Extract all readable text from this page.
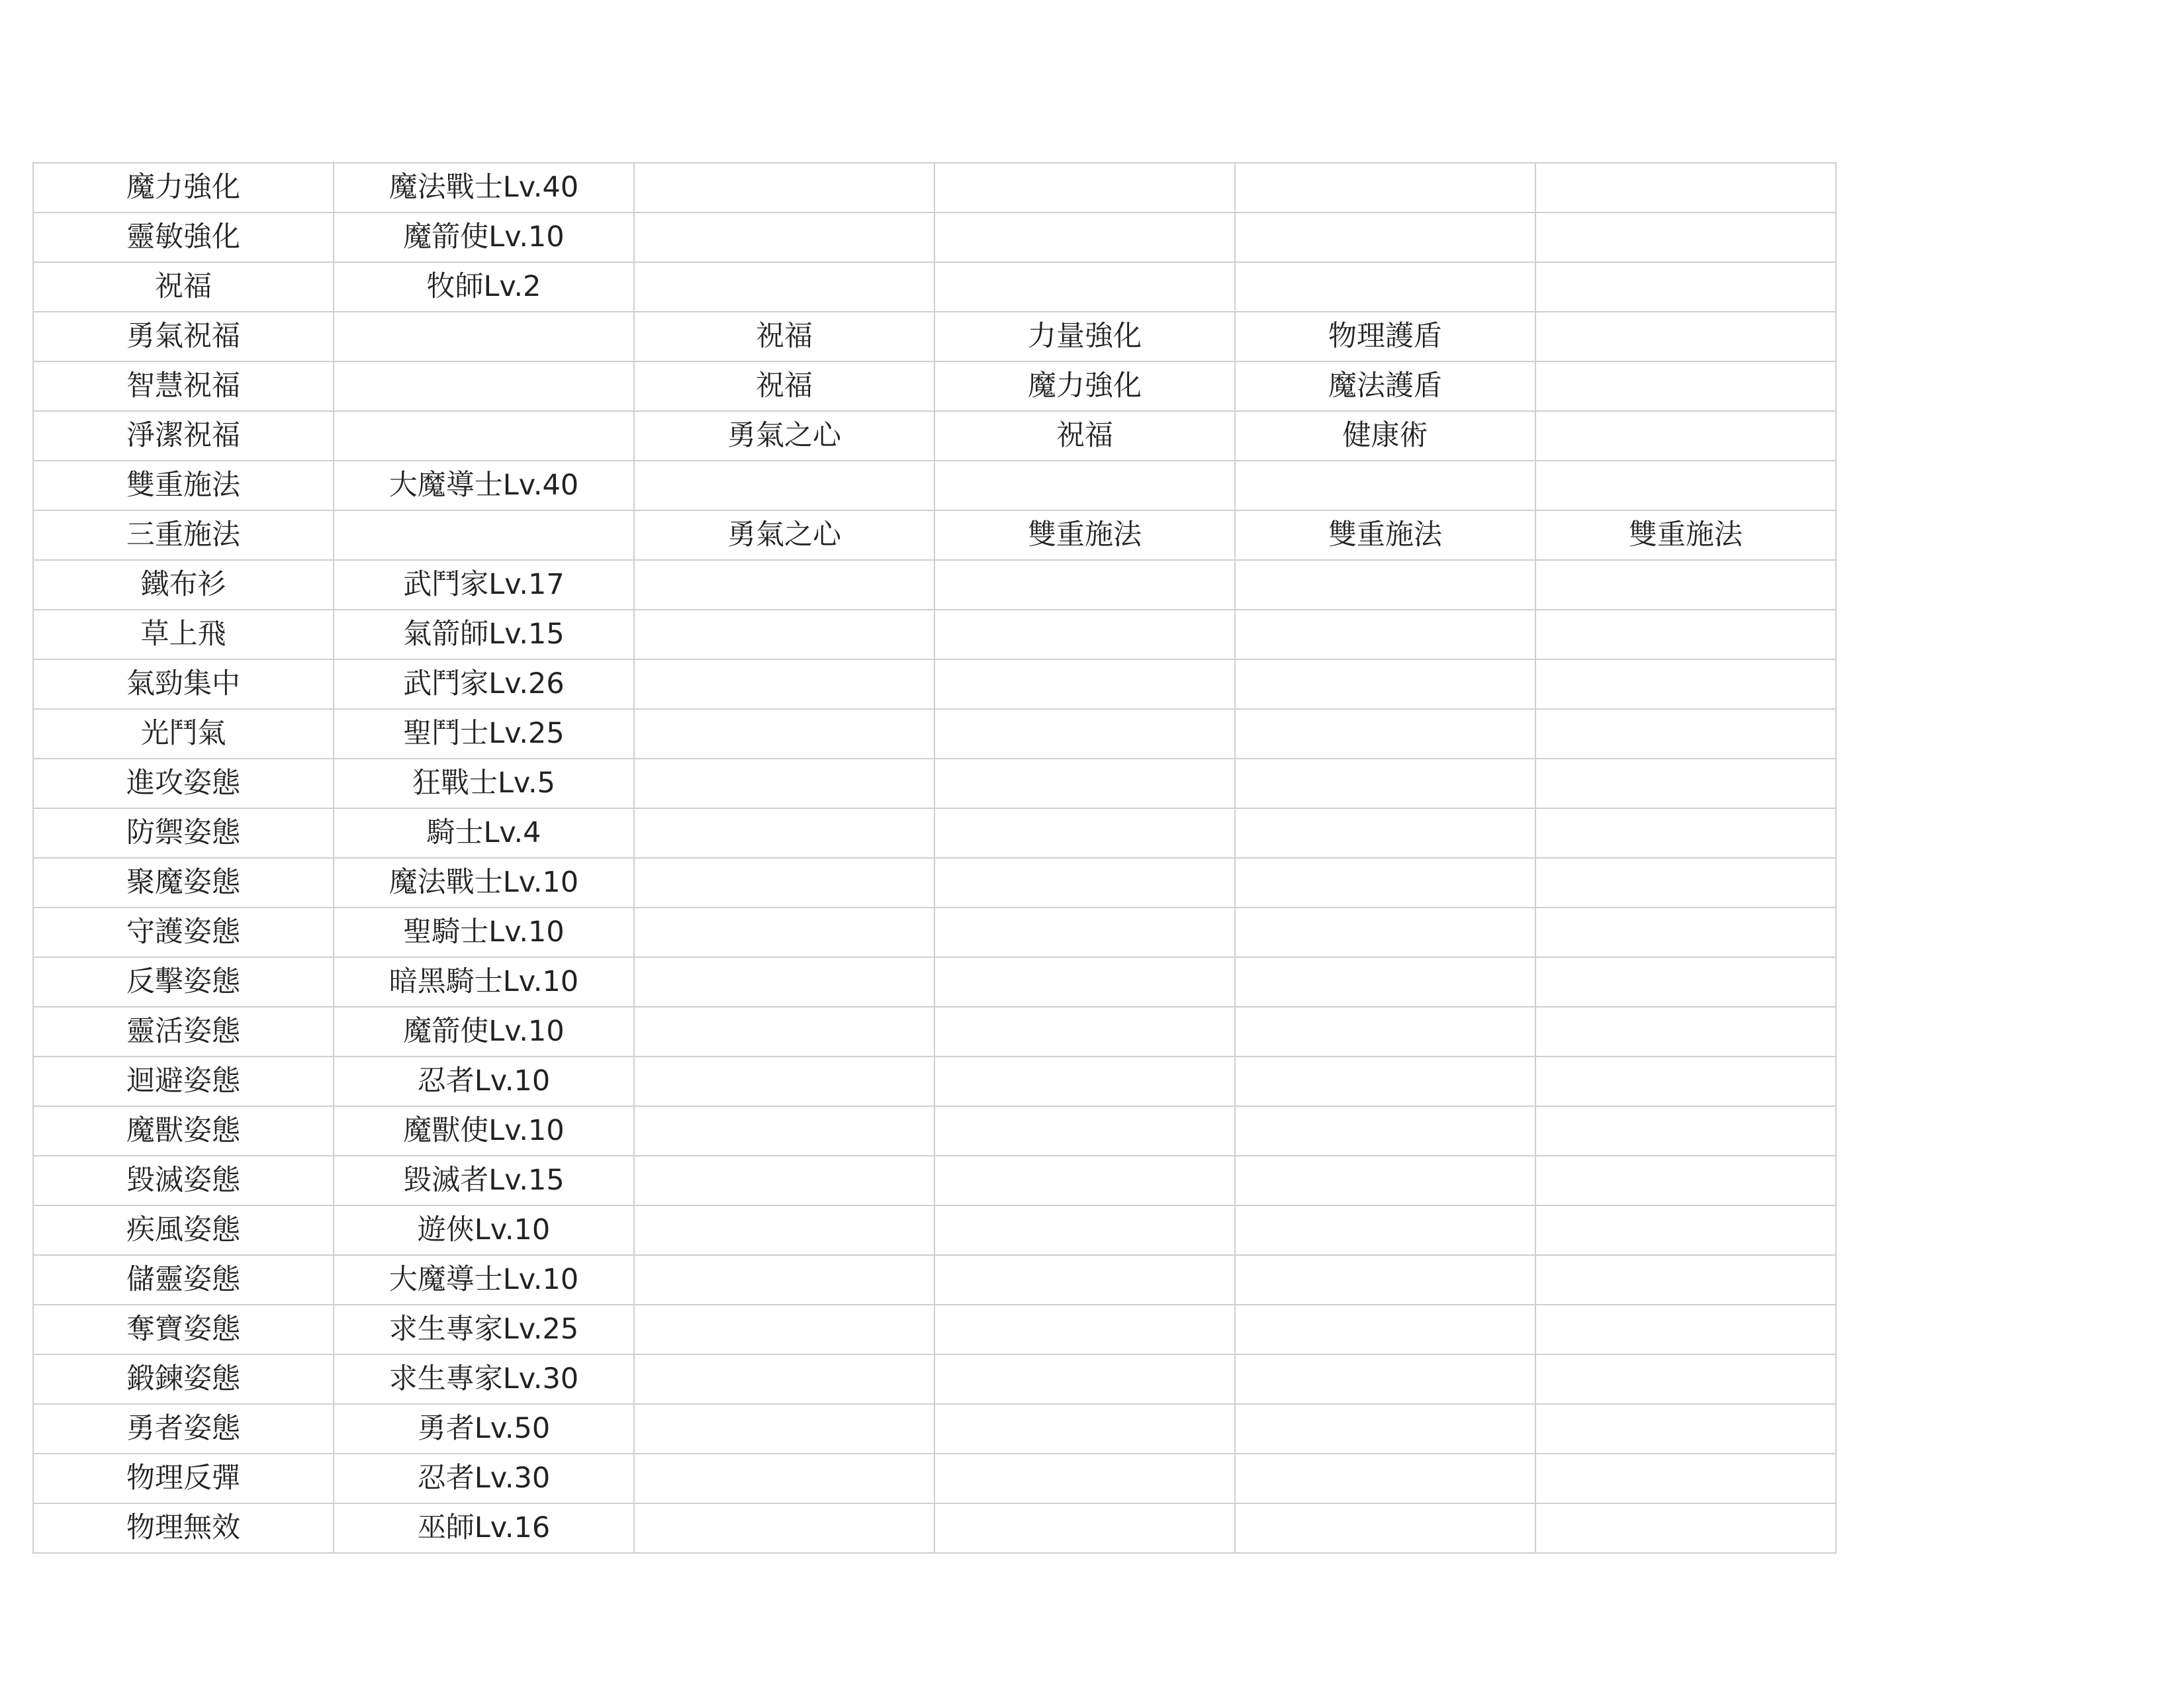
魔力強化	魔法戰士Lv.40				
靈敏強化	魔箭使Lv.10				
祝福	牧師Lv.2				
勇氣祝福		祝福	力量強化	物理護盾	
智慧祝福		祝福	魔力強化	魔法護盾	
淨潔祝福		勇氣之心	祝福	健康術	
雙重施法	大魔導士Lv.40				
三重施法		勇氣之心	雙重施法	雙重施法	雙重施法
鐵布衫	武鬥家Lv.17				
草上飛	氣箭師Lv.15				
氣勁集中	武鬥家Lv.26				
光鬥氣	聖鬥士Lv.25				
進攻姿態	狂戰士Lv.5				
防禦姿態	騎士Lv.4				
聚魔姿態	魔法戰士Lv.10				
守護姿態	聖騎士Lv.10				
反擊姿態	暗黑騎士Lv.10				
靈活姿態	魔箭使Lv.10				
迴避姿態	忍者Lv.10				
魔獸姿態	魔獸使Lv.10				
毀滅姿態	毀滅者Lv.15				
疾風姿態	遊俠Lv.10				
儲靈姿態	大魔導士Lv.10				
奪寶姿態	求生專家Lv.25				
鍛鍊姿態	求生專家Lv.30				
勇者姿態	勇者Lv.50				
物理反彈	忍者Lv.30				
物理無效	巫師Lv.16				
